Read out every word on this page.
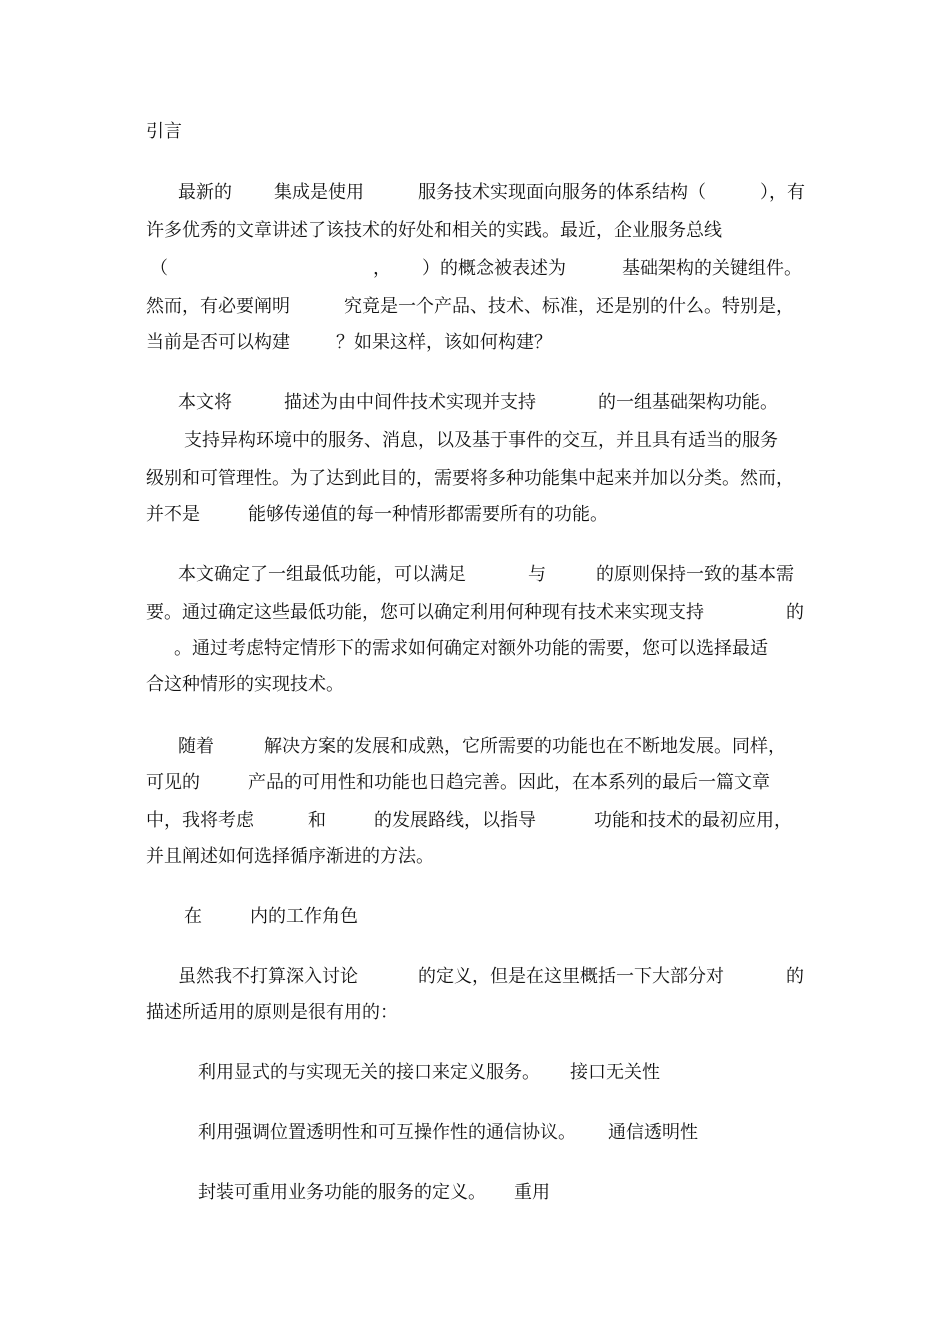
引言
最新的 集成是使用	服务技术实现面向服务的体系结构（	），有
许多优秀的文章讲述了该技术的好处和相关的实践。最近，企业服务总线
（	， ）的概念被表述为	基础架构的关键组件。
然而，有必要阐明	究竟是一个产品、技术、标准，还是别的什么。特别是，
当前是否可以构建	？如果这样，该如何构建？
本文将	描述为由中间件技术实现并支持	的一组基础架构功能。
支持异构环境中的服务、消息，以及基于事件的交互，并且具有适当的服务
级别和可管理性。为了达到此目的，需要将多种功能集中起来并加以分类。然而，
并不是	能够传递值的每一种情形都需要所有的功能。
本文确定了一组最低功能，可以满足	与	的原则保持一致的基本需
要。通过确定这些最低功能，您可以确定利用何种现有技术来实现支持	的
。通过考虑特定情形下的需求如何确定对额外功能的需要，您可以选择最适
合这种情形的实现技术。
随着	解决方案的发展和成熟，它所需要的功能也在不断地发展。同样，
可见的	产品的可用性和功能也日趋完善。因此，在本系列的最后一篇文章
中，我将考虑	和	的发展路线，以指导	功能和技术的最初应用，
并且阐述如何选择循序渐进的方法。
在	内的工作角色
虽然我不打算深入讨论	的定义，但是在这里概括一下大部分对	的
描述所适用的原则是很有用的：
利用显式的与实现无关的接口来定义服务。 接口无关性
利用强调位置透明性和可互操作性的通信协议。 通信透明性
封装可重用业务功能的服务的定义。 重用
